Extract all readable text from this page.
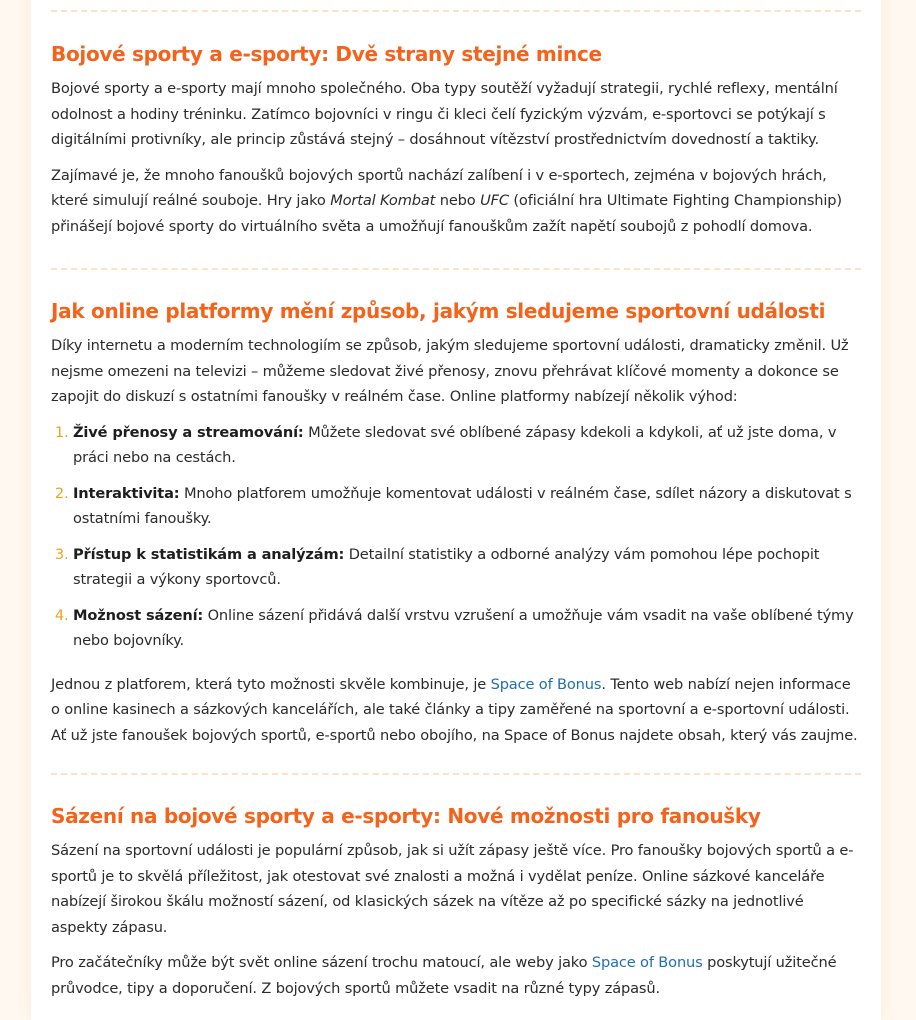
Bojové sporty a e-sporty: Dvě strany stejné mince

Bojové sporty a e-sporty mají mnoho společného. Oba typy soutěží vyžadují strategii, rychlé reflexy, mentální odolnost a hodiny tréninku. Zatímco bojovníci v ringu či kleci čelí fyzickým výzvám, e-sportovci se potýkají s digitálními protivníky, ale princip zůstává stejný – dosáhnout vítězství prostřednictvím dovedností a taktiky.

Zajímavé je, že mnoho fanoušků bojových sportů nachází zalíbení i v e-sportech, zejména v bojových hrách, které simulují reálné souboje. Hry jako Mortal Kombat nebo UFC (oficiální hra Ultimate Fighting Championship) přinášejí bojové sporty do virtuálního světa a umožňují fanouškům zažít napětí soubojů z pohodlí domova.

Jak online platformy mění způsob, jakým sledujeme sportovní události

Díky internetu a moderním technologiím se způsob, jakým sledujeme sportovní události, dramaticky změnil. Už nejsme omezeni na televizi – můžeme sledovat živé přenosy, znovu přehrávat klíčové momenty a dokonce se zapojit do diskuzí s ostatními fanoušky v reálném čase. Online platformy nabízejí několik výhod:

1. Živé přenosy a streamování: Můžete sledovat své oblíbené zápasy kdekoli a kdykoli, ať už jste doma, v práci nebo na cestách.
2. Interaktivita: Mnoho platforem umožňuje komentovat události v reálném čase, sdílet názory a diskutovat s ostatními fanoušky.
3. Přístup k statistikám a analýzám: Detailní statistiky a odborné analýzy vám pomohou lépe pochopit strategii a výkony sportovců.
4. Možnost sázení: Online sázení přidává další vrstvu vzrušení a umožňuje vám vsadit na vaše oblíbené týmy nebo bojovníky.

Jednou z platforem, která tyto možnosti skvěle kombinuje, je Space of Bonus. Tento web nabízí nejen informace o online kasinech a sázkových kancelářích, ale také články a tipy zaměřené na sportovní a e-sportovní události. Ať už jste fanoušek bojových sportů, e-sportů nebo obojího, na Space of Bonus najdete obsah, který vás zaujme.

Sázení na bojové sporty a e-sporty: Nové možnosti pro fanoušky

Sázení na sportovní události je populární způsob, jak si užít zápasy ještě více. Pro fanoušky bojových sportů a e-sportů je to skvělá příležitost, jak otestovat své znalosti a možná i vydělat peníze. Online sázkové kanceláře nabízejí širokou škálu možností sázení, od klasických sázek na vítěze až po specifické sázky na jednotlivé aspekty zápasu.

Pro začátečníky může být svět online sázení trochu matoucí, ale weby jako Space of Bonus poskytují užitečné průvodce, tipy a doporučení. Z bojových sportů můžete vsadit na různé typy zápasů.
